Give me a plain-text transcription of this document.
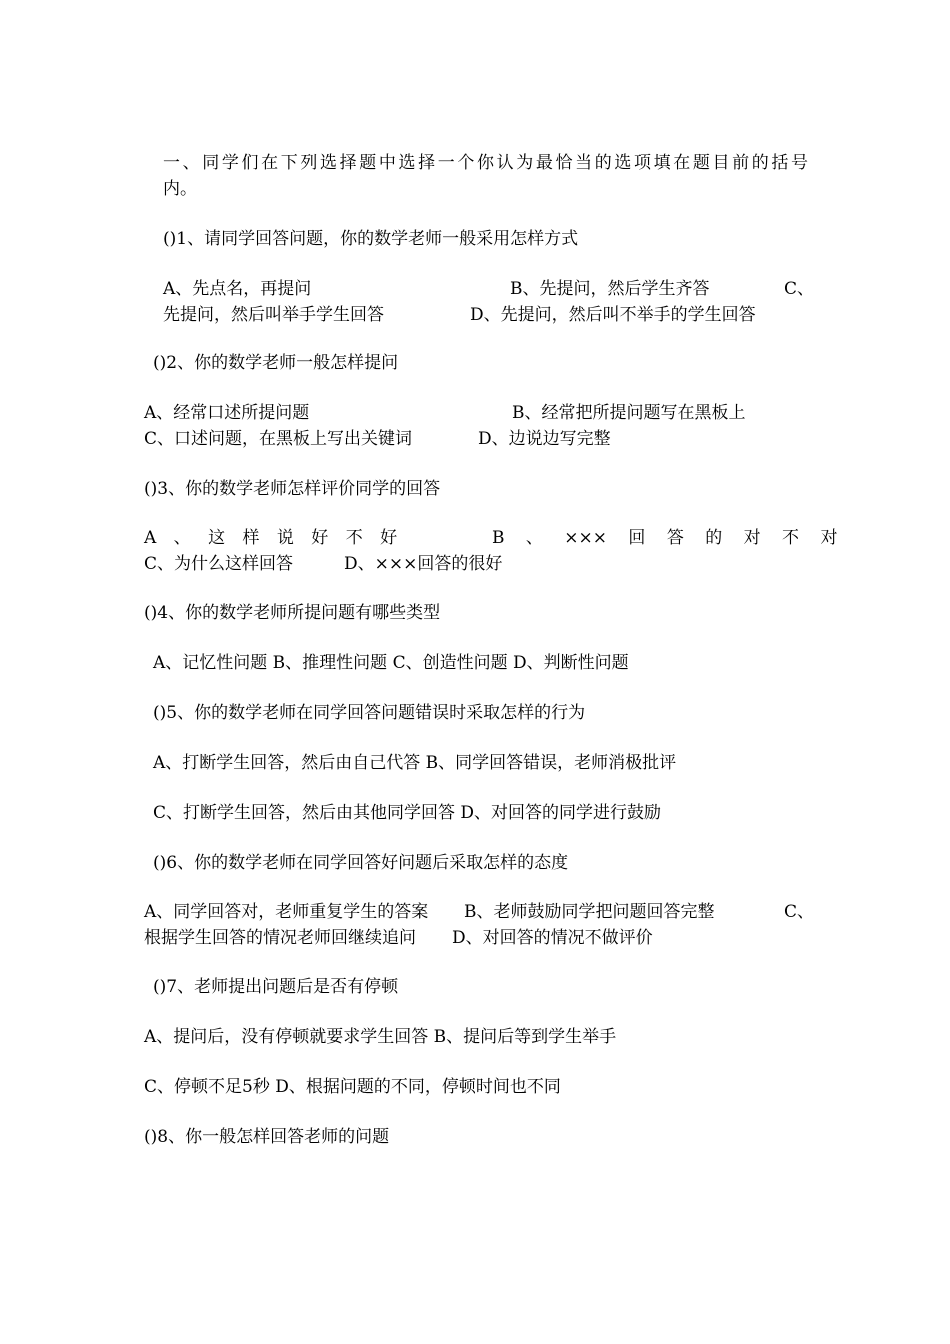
一 、 同 学 们 在 下 列 选 择 题 中 选 择 一 个 你 认 为 最 恰 当 的 选 项 填 在 题 目 前 的 括 号
内。
()1、请同学回答问题，你的数学老师一般采用怎样方式
A、先点名，再提问	B、先提问，然后学生齐答	C、
先提问，然后叫举手学生回答	D、先提问，然后叫不举手的学生回答
()2、你的数学老师一般怎样提问
A、经常口述所提问题	B、经常把所提问题写在黑板上
C、口述问题，在黑板上写出关键词	D、边说边写完整
()3、你的数学老师怎样评价同学的回答
A 、 这 样 说 好 不 好	B 、 ××× 回 答 的 对 不 对
C、为什么这样回答	D、×××回答的很好
()4、你的数学老师所提问题有哪些类型
A、记忆性问题 B、推理性问题 C、创造性问题 D、判断性问题
()5、你的数学老师在同学回答问题错误时采取怎样的行为
A、打断学生回答，然后由自己代答 B、同学回答错误，老师消极批评
C、打断学生回答，然后由其他同学回答 D、对回答的同学进行鼓励
()6、你的数学老师在同学回答好问题后采取怎样的态度
A、同学回答对，老师重复学生的答案 B、老师鼓励同学把问题回答完整	C、
根据学生回答的情况老师回继续追问 D、对回答的情况不做评价
()7、老师提出问题后是否有停顿
A、提问后，没有停顿就要求学生回答 B、提问后等到学生举手
C、停顿不足5秒 D、根据问题的不同，停顿时间也不同
()8、你一般怎样回答老师的问题
